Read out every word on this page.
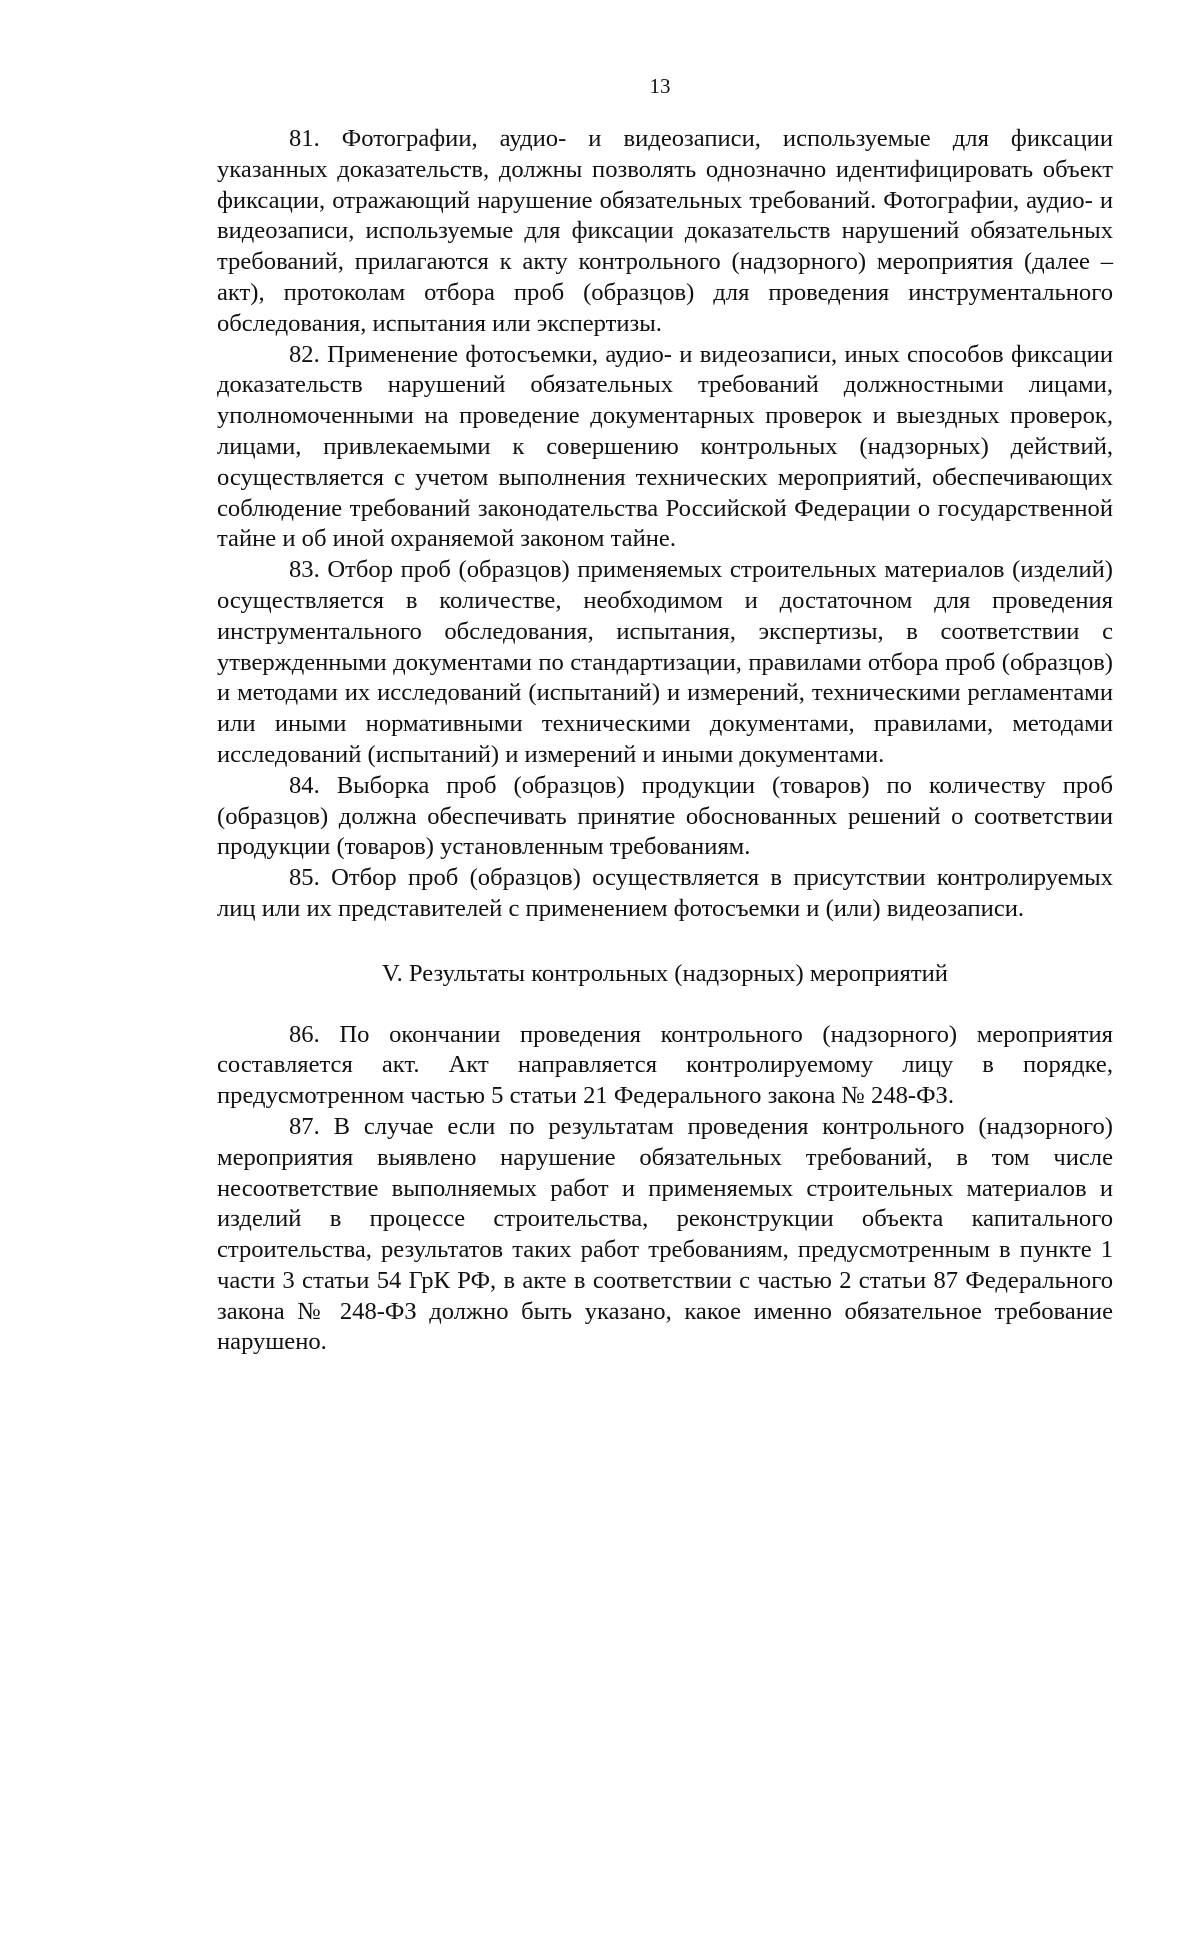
13

81. Фотографии, аудио- и видеозаписи, используемые для фиксации указанных доказательств, должны позволять однозначно идентифицировать объект фиксации, отражающий нарушение обязательных требований. Фотографии, аудио- и видеозаписи, используемые для фиксации доказательств нарушений обязательных требований, прилагаются к акту контрольного (надзорного) мероприятия (далее – акт), протоколам отбора проб (образцов) для проведения инструментального обследования, испытания или экспертизы.

82. Применение фотосъемки, аудио- и видеозаписи, иных способов фиксации доказательств нарушений обязательных требований должностными лицами, уполномоченными на проведение документарных проверок и выездных проверок, лицами, привлекаемыми к совершению контрольных (надзорных) действий, осуществляется с учетом выполнения технических мероприятий, обеспечивающих соблюдение требований законодательства Российской Федерации о государственной тайне и об иной охраняемой законом тайне.

83. Отбор проб (образцов) применяемых строительных материалов (изделий) осуществляется в количестве, необходимом и достаточном для проведения инструментального обследования, испытания, экспертизы, в соответствии с утвержденными документами по стандартизации, правилами отбора проб (образцов) и методами их исследований (испытаний) и измерений, техническими регламентами или иными нормативными техническими документами, правилами, методами исследований (испытаний) и измерений и иными документами.

84. Выборка проб (образцов) продукции (товаров) по количеству проб (образцов) должна обеспечивать принятие обоснованных решений о соответствии продукции (товаров) установленным требованиям.

85. Отбор проб (образцов) осуществляется в присутствии контролируемых лиц или их представителей с применением фотосъемки и (или) видеозаписи.

V. Результаты контрольных (надзорных) мероприятий

86. По окончании проведения контрольного (надзорного) мероприятия составляется акт. Акт направляется контролируемому лицу в порядке, предусмотренном частью 5 статьи 21 Федерального закона № 248-ФЗ.

87. В случае если по результатам проведения контрольного (надзорного) мероприятия выявлено нарушение обязательных требований, в том числе несоответствие выполняемых работ и применяемых строительных материалов и изделий в процессе строительства, реконструкции объекта капитального строительства, результатов таких работ требованиям, предусмотренным в пункте 1 части 3 статьи 54 ГрК РФ, в акте в соответствии с частью 2 статьи 87 Федерального закона № 248-ФЗ должно быть указано, какое именно обязательное требование нарушено.
